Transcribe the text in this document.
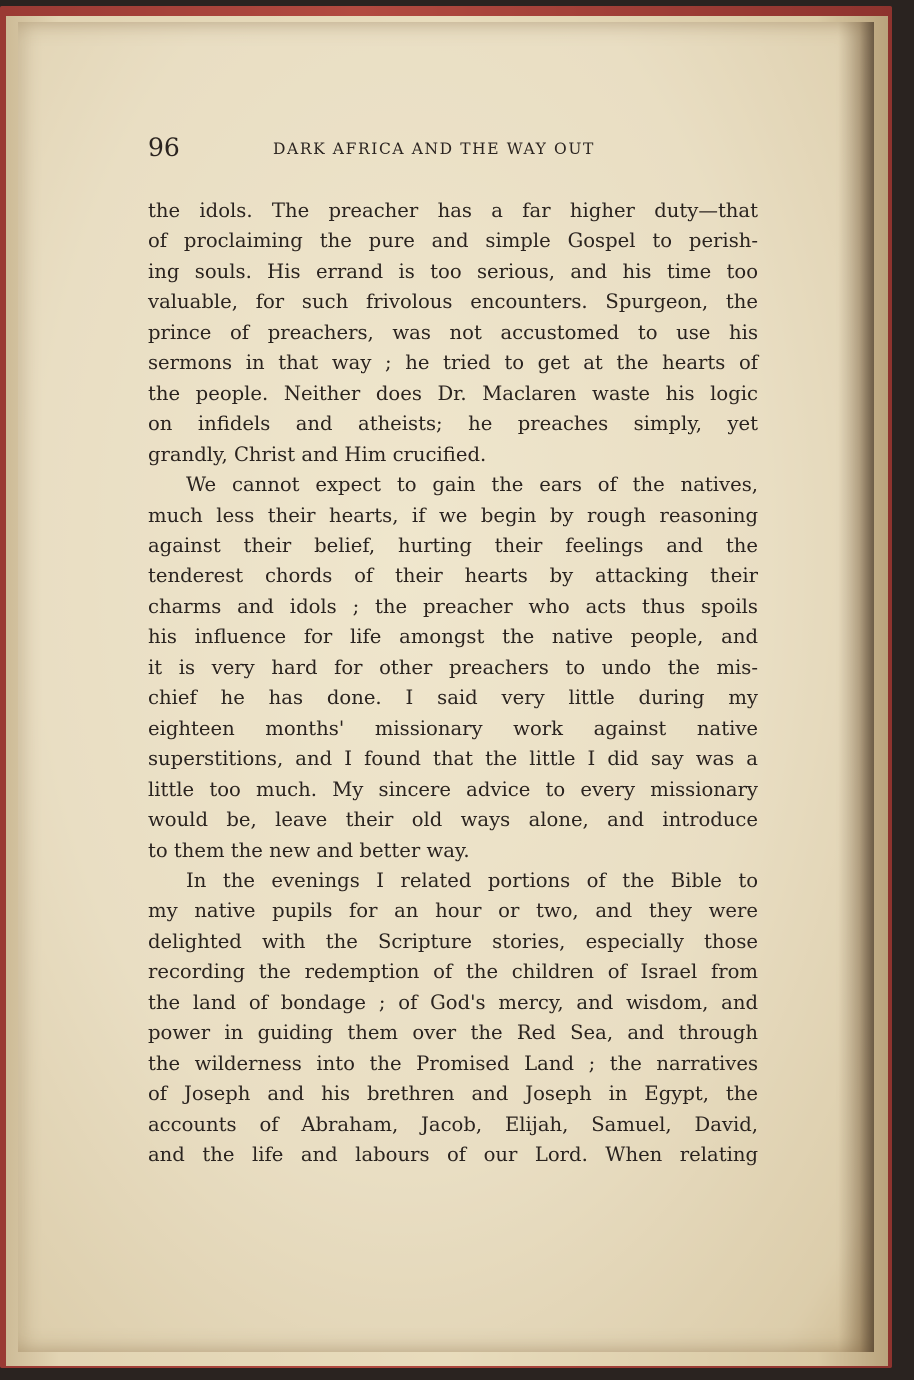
96	DARK AFRICA AND THE WAY OUT
the idols. The preacher has a far higher duty—that
of proclaiming the pure and simple Gospel to perish-
ing souls. His errand is too serious, and his time too
valuable, for such frivolous encounters. Spurgeon, the
prince of preachers, was not accustomed to use his
sermons in that way ; he tried to get at the hearts of
the people. Neither does Dr. Maclaren waste his logic
on infidels and atheists; he preaches simply, yet
grandly, Christ and Him crucified.
We cannot expect to gain the ears of the natives,
much less their hearts, if we begin by rough reasoning
against their belief, hurting their feelings and the
tenderest chords of their hearts by attacking their
charms and idols ; the preacher who acts thus spoils
his influence for life amongst the native people, and
it is very hard for other preachers to undo the mis-
chief he has done. I said very little during my
eighteen months' missionary work against native
superstitions, and I found that the little I did say was a
little too much. My sincere advice to every missionary
would be, leave their old ways alone, and introduce
to them the new and better way.
In the evenings I related portions of the Bible to
my native pupils for an hour or two, and they were
delighted with the Scripture stories, especially those
recording the redemption of the children of Israel from
the land of bondage ; of God's mercy, and wisdom, and
power in guiding them over the Red Sea, and through
the wilderness into the Promised Land ; the narratives
of Joseph and his brethren and Joseph in Egypt, the
accounts of Abraham, Jacob, Elijah, Samuel, David,
and the life and labours of our Lord. When relating
